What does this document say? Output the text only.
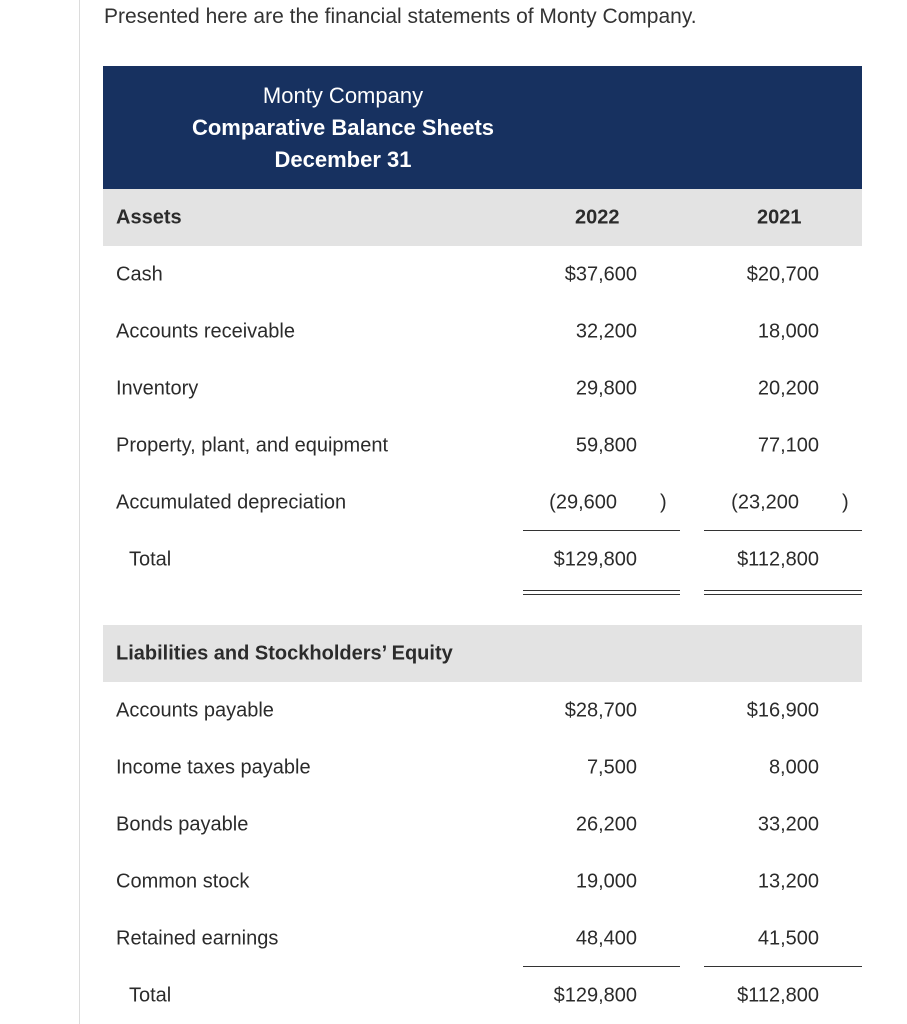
Presented here are the financial statements of Monty Company.
Monty Company
Comparative Balance Sheets
December 31
Assets	2022	2021
Cash	$37,600	$20,700
Accounts receivable	32,200	18,000
Inventory	29,800	20,200
Property, plant, and equipment	59,800	77,100
Accumulated depreciation	(29,600 )	(23,200 )
Total	$129,800	$112,800
Liabilities and Stockholders’ Equity
Accounts payable	$28,700	$16,900
Income taxes payable	7,500	8,000
Bonds payable	26,200	33,200
Common stock	19,000	13,200
Retained earnings	48,400	41,500
Total	$129,800	$112,800
